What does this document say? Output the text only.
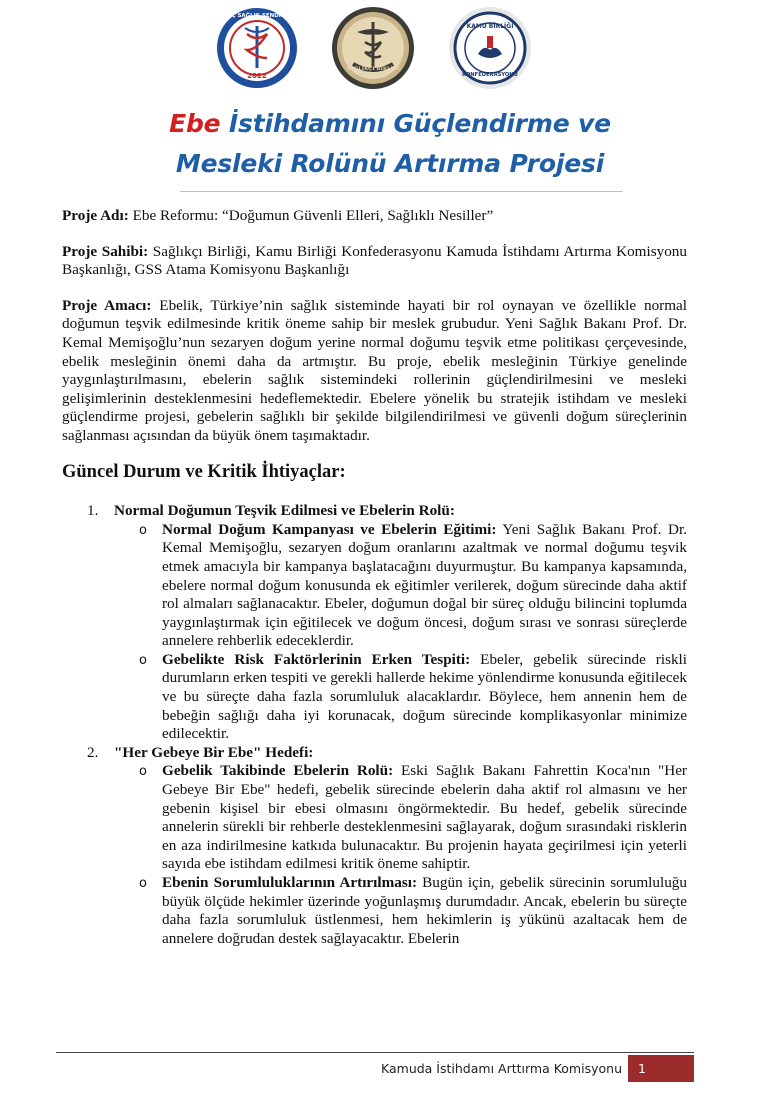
2022
GENÇ SAĞLIK SENDİKASI
SAĞLIKÇI BİRLİĞİ
KAMU BİRLİĞİ
KONFEDERASYONU
Ebe İstihdamını Güçlendirme ve
Mesleki Rolünü Artırma Projesi

Proje Adı: Ebe Reformu: “Doğumun Güvenli Elleri, Sağlıklı Nesiller”

Proje Sahibi: Sağlıkçı Birliği, Kamu Birliği Konfederasyonu Kamuda İstihdamı Artırma Komisyonu Başkanlığı, GSS Atama Komisyonu Başkanlığı

Proje Amacı: Ebelik, Türkiye’nin sağlık sisteminde hayati bir rol oynayan ve özellikle normal doğumun teşvik edilmesinde kritik öneme sahip bir meslek grubudur. Yeni Sağlık Bakanı Prof. Dr. Kemal Memişoğlu’nun sezaryen doğum yerine normal doğumu teşvik etme politikası çerçevesinde, ebelik mesleğinin önemi daha da artmıştır. Bu proje, ebelik mesleğinin Türkiye genelinde yaygınlaştırılmasını, ebelerin sağlık sistemindeki rollerinin güçlendirilmesini ve mesleki gelişimlerinin desteklenmesini hedeflemektedir. Ebelere yönelik bu stratejik istihdam ve mesleki güçlendirme projesi, gebelerin sağlıklı bir şekilde bilgilendirilmesi ve güvenli doğum süreçlerinin sağlanması açısından da büyük önem taşımaktadır.

Güncel Durum ve Kritik İhtiyaçlar:
1. Normal Doğumun Teşvik Edilmesi ve Ebelerin Rolü:
o Normal Doğum Kampanyası ve Ebelerin Eğitimi: Yeni Sağlık Bakanı Prof. Dr. Kemal Memişoğlu, sezaryen doğum oranlarını azaltmak ve normal doğumu teşvik etmek amacıyla bir kampanya başlatacağını duyurmuştur. Bu kampanya kapsamında, ebelere normal doğum konusunda ek eğitimler verilerek, doğum sürecinde daha aktif rol almaları sağlanacaktır. Ebeler, doğumun doğal bir süreç olduğu bilincini toplumda yaygınlaştırmak için eğitilecek ve doğum öncesi, doğum sırası ve sonrası süreçlerde annelere rehberlik edeceklerdir.
o Gebelikte Risk Faktörlerinin Erken Tespiti: Ebeler, gebelik sürecinde riskli durumların erken tespiti ve gerekli hallerde hekime yönlendirme konusunda eğitilecek ve bu süreçte daha fazla sorumluluk alacaklardır. Böylece, hem annenin hem de bebeğin sağlığı daha iyi korunacak, doğum sürecinde komplikasyonlar minimize edilecektir.
2. "Her Gebeye Bir Ebe" Hedefi:
o Gebelik Takibinde Ebelerin Rolü: Eski Sağlık Bakanı Fahrettin Koca'nın "Her Gebeye Bir Ebe" hedefi, gebelik sürecinde ebelerin daha aktif rol almasını ve her gebenin kişisel bir ebesi olmasını öngörmektedir. Bu hedef, gebelik sürecinde annelerin sürekli bir rehberle desteklenmesini sağlayarak, doğum sırasındaki risklerin en aza indirilmesine katkıda bulunacaktır. Bu projenin hayata geçirilmesi için yeterli sayıda ebe istihdam edilmesi kritik öneme sahiptir.
o Ebenin Sorumluluklarının Artırılması: Bugün için, gebelik sürecinin sorumluluğu büyük ölçüde hekimler üzerinde yoğunlaşmış durumdadır. Ancak, ebelerin bu süreçte daha fazla sorumluluk üstlenmesi, hem hekimlerin iş yükünü azaltacak hem de annelere doğrudan destek sağlayacaktır. Ebelerin
Kamuda İstihdamı Arttırma Komisyonu	1
